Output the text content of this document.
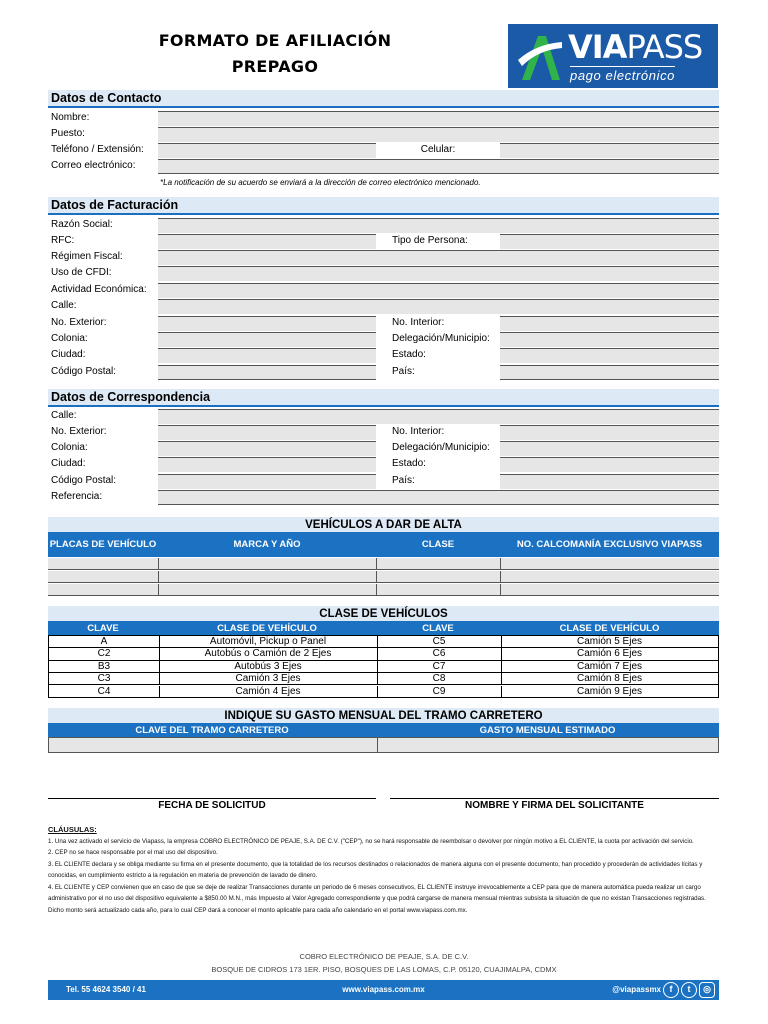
FORMATO DE AFILIACIÓN
PREPAGO
VIAPASS
pago electrónico
Datos de Contacto
Nombre:
Puesto:
Teléfono / Extensión:	Celular:
Correo electrónico:
*La notificación de su acuerdo se enviará a la dirección de correo electrónico mencionado.
Datos de Facturación
Razón Social:
RFC:	Tipo de Persona:
Régimen Fiscal:
Uso de CFDI:
Actividad Económica:
Calle:
No. Exterior:	No. Interior:
Colonia:	Delegación/Municipio:
Ciudad:	Estado:
Código Postal:	País:
Datos de Correspondencia
Calle:
No. Exterior:	No. Interior:
Colonia:	Delegación/Municipio:
Ciudad:	Estado:
Código Postal:	País:
Referencia:
VEHÍCULOS A DAR DE ALTA
PLACAS DE VEHÍCULO	MARCA Y AÑO	CLASE	NO. CALCOMANÍA EXCLUSIVO VIAPASS
CLASE DE VEHÍCULOS
CLAVE	CLASE DE VEHÍCULO	CLAVE	CLASE DE VEHÍCULO
A	Automóvil, Pickup o Panel	C5	Camión 5 Ejes
C2	Autobús o Camión de 2 Ejes	C6	Camión 6 Ejes
B3	Autobús 3 Ejes	C7	Camión 7 Ejes
C3	Camión 3 Ejes	C8	Camión 8 Ejes
C4	Camión 4 Ejes	C9	Camión 9 Ejes
INDIQUE SU GASTO MENSUAL DEL TRAMO CARRETERO
CLAVE DEL TRAMO CARRETERO	GASTO MENSUAL ESTIMADO
FECHA DE SOLICITUD	NOMBRE Y FIRMA DEL SOLICITANTE
CLÁUSULAS:
1. Una vez activado el servicio de Viapass, la empresa COBRO ELECTRÓNICO DE PEAJE, S.A. DE C.V. ("CEP"), no se hará responsable de reembolsar o devolver por ningún motivo a EL CLIENTE, la cuota por activación del servicio.
2. CEP no se hace responsable por el mal uso del dispositivo.
3. EL CLIENTE declara y se obliga mediante su firma en el presente documento, que la totalidad de los recursos destinados o relacionados de manera alguna con el presente documento, han procedido y procederán de actividades lícitas y conocidas, en cumplimiento estricto a la regulación en materia de prevención de lavado de dinero.
4. EL CLIENTE y CEP convienen que en caso de que se deje de realizar Transacciones durante un periodo de 6 meses consecutivos, EL CLIENTE instruye irrevocablemente a CEP para que de manera automática pueda realizar un cargo administrativo por el no uso del dispositivo equivalente a $850.00 M.N., más Impuesto al Valor Agregado correspondiente y que podrá cargarse de manera mensual mientras subsista la situación de que no existan Transacciones registradas. Dicho monto será actualizado cada año, para lo cual CEP dará a conocer el monto aplicable para cada año calendario en el portal www.viapass.com.mx.
COBRO ELECTRÓNICO DE PEAJE, S.A. DE C.V.
BOSQUE DE CIDROS 173 1ER. PISO, BOSQUES DE LAS LOMAS, C.P. 05120, CUAJIMALPA, CDMX
Tel. 55 4624 3540 / 41	www.viapass.com.mx	@viapassmx f	t	◎
